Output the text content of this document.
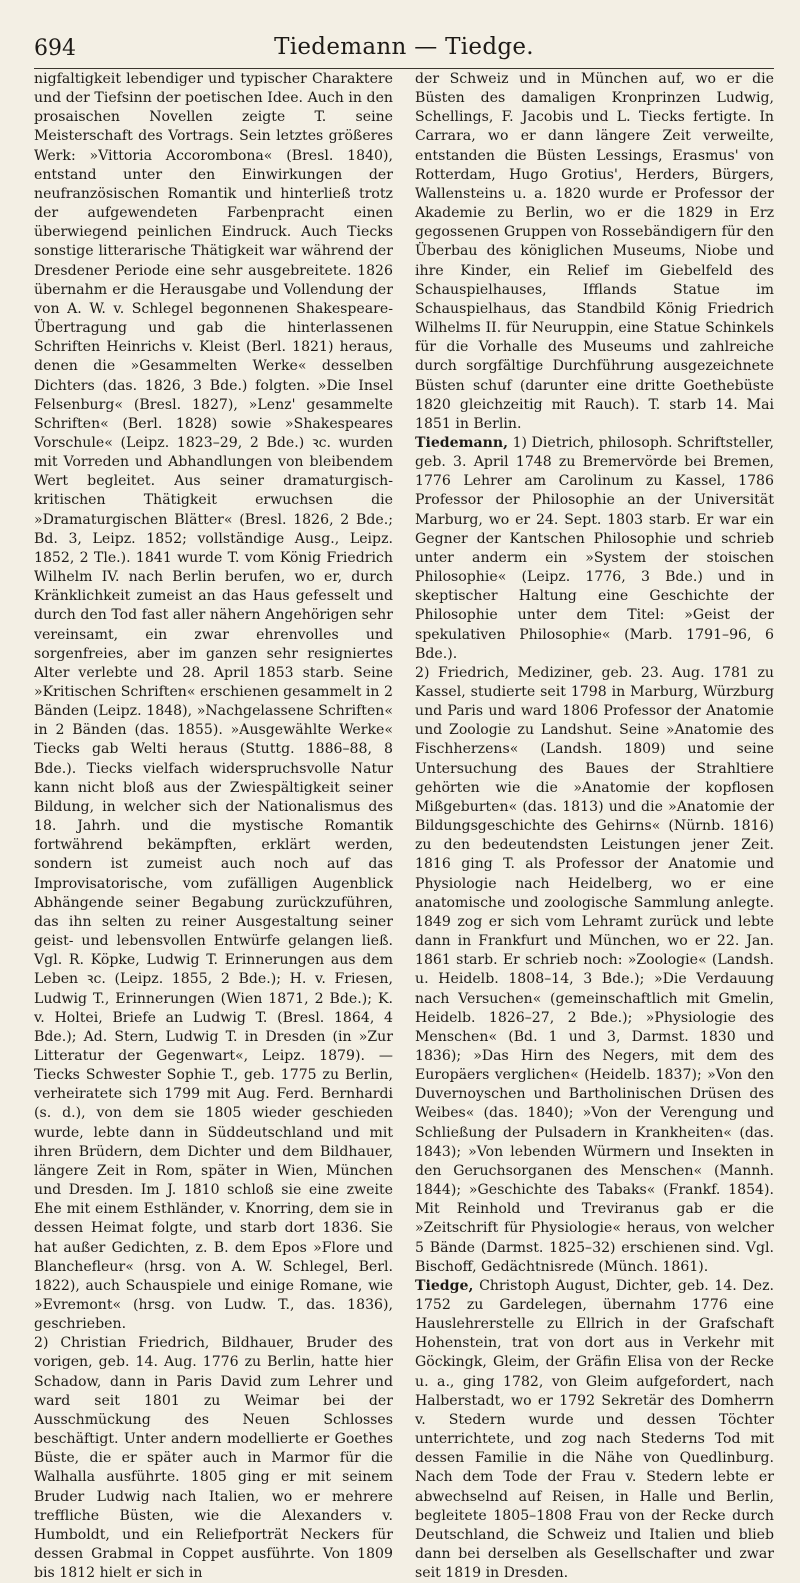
694	Tiedemann — Tiedge.

nigfaltigkeit lebendiger und typischer Charaktere und der Tiefsinn der poetischen Idee. Auch in den prosaischen Novellen zeigte T. seine Meisterschaft des Vortrags. Sein letztes größeres Werk: »Vittoria Accorombona« (Bresl. 1840), entstand unter den Einwirkungen der neufranzösischen Romantik und hinterließ trotz der aufgewendeten Farbenpracht einen überwiegend peinlichen Eindruck. Auch Tiecks sonstige litterarische Thätigkeit war während der Dresdener Periode eine sehr ausgebreitete. 1826 übernahm er die Herausgabe und Vollendung der von A. W. v. Schlegel begonnenen Shakespeare-Übertragung und gab die hinterlassenen Schriften Heinrichs v. Kleist (Berl. 1821) heraus, denen die »Gesammelten Werke« desselben Dichters (das. 1826, 3 Bde.) folgten. »Die Insel Felsenburg« (Bresl. 1827), »Lenz' gesammelte Schriften« (Berl. 1828) sowie »Shakespeares Vorschule« (Leipz. 1823–29, 2 Bde.) ꝛc. wurden mit Vorreden und Abhandlungen von bleibendem Wert begleitet. Aus seiner dramaturgisch-kritischen Thätigkeit erwuchsen die »Dramaturgischen Blätter« (Bresl. 1826, 2 Bde.; Bd. 3, Leipz. 1852; vollständige Ausg., Leipz. 1852, 2 Tle.). 1841 wurde T. vom König Friedrich Wilhelm IV. nach Berlin berufen, wo er, durch Kränklichkeit zumeist an das Haus gefesselt und durch den Tod fast aller nähern Angehörigen sehr vereinsamt, ein zwar ehrenvolles und sorgenfreies, aber im ganzen sehr resigniertes Alter verlebte und 28. April 1853 starb. Seine »Kritischen Schriften« erschienen gesammelt in 2 Bänden (Leipz. 1848), »Nachgelassene Schriften« in 2 Bänden (das. 1855). »Ausgewählte Werke« Tiecks gab Welti heraus (Stuttg. 1886–88, 8 Bde.). Tiecks vielfach widerspruchsvolle Natur kann nicht bloß aus der Zwiespältigkeit seiner Bildung, in welcher sich der Nationalismus des 18. Jahrh. und die mystische Romantik fortwährend bekämpften, erklärt werden, sondern ist zumeist auch noch auf das Improvisatorische, vom zufälligen Augenblick Abhängende seiner Begabung zurückzuführen, das ihn selten zu reiner Ausgestaltung seiner geist- und lebensvollen Entwürfe gelangen ließ. Vgl. R. Köpke, Ludwig T. Erinnerungen aus dem Leben ꝛc. (Leipz. 1855, 2 Bde.); H. v. Friesen, Ludwig T., Erinnerungen (Wien 1871, 2 Bde.); K. v. Holtei, Briefe an Ludwig T. (Bresl. 1864, 4 Bde.); Ad. Stern, Ludwig T. in Dresden (in »Zur Litteratur der Gegenwart«, Leipz. 1879). — Tiecks Schwester Sophie T., geb. 1775 zu Berlin, verheiratete sich 1799 mit Aug. Ferd. Bernhardi (s. d.), von dem sie 1805 wieder geschieden wurde, lebte dann in Süddeutschland und mit ihren Brüdern, dem Dichter und dem Bildhauer, längere Zeit in Rom, später in Wien, München und Dresden. Im J. 1810 schloß sie eine zweite Ehe mit einem Esthländer, v. Knorring, dem sie in dessen Heimat folgte, und starb dort 1836. Sie hat außer Gedichten, z. B. dem Epos »Flore und Blanchefleur« (hrsg. von A. W. Schlegel, Berl. 1822), auch Schauspiele und einige Romane, wie »Evremont« (hrsg. von Ludw. T., das. 1836), geschrieben.

2) Christian Friedrich, Bildhauer, Bruder des vorigen, geb. 14. Aug. 1776 zu Berlin, hatte hier Schadow, dann in Paris David zum Lehrer und ward seit 1801 zu Weimar bei der Ausschmückung des Neuen Schlosses beschäftigt. Unter andern modellierte er Goethes Büste, die er später auch in Marmor für die Walhalla ausführte. 1805 ging er mit seinem Bruder Ludwig nach Italien, wo er mehrere treffliche Büsten, wie die Alexanders v. Humboldt, und ein Reliefporträt Neckers für dessen Grabmal in Coppet ausführte. Von 1809 bis 1812 hielt er sich in

der Schweiz und in München auf, wo er die Büsten des damaligen Kronprinzen Ludwig, Schellings, F. Jacobis und L. Tiecks fertigte. In Carrara, wo er dann längere Zeit verweilte, entstanden die Büsten Lessings, Erasmus' von Rotterdam, Hugo Grotius', Herders, Bürgers, Wallensteins u. a. 1820 wurde er Professor der Akademie zu Berlin, wo er die 1829 in Erz gegossenen Gruppen von Rossebändigern für den Überbau des königlichen Museums, Niobe und ihre Kinder, ein Relief im Giebelfeld des Schauspielhauses, Ifflands Statue im Schauspielhaus, das Standbild König Friedrich Wilhelms II. für Neuruppin, eine Statue Schinkels für die Vorhalle des Museums und zahlreiche durch sorgfältige Durchführung ausgezeichnete Büsten schuf (darunter eine dritte Goethebüste 1820 gleichzeitig mit Rauch). T. starb 14. Mai 1851 in Berlin.

Tiedemann, 1) Dietrich, philosoph. Schriftsteller, geb. 3. April 1748 zu Bremervörde bei Bremen, 1776 Lehrer am Carolinum zu Kassel, 1786 Professor der Philosophie an der Universität Marburg, wo er 24. Sept. 1803 starb. Er war ein Gegner der Kantschen Philosophie und schrieb unter anderm ein »System der stoischen Philosophie« (Leipz. 1776, 3 Bde.) und in skeptischer Haltung eine Geschichte der Philosophie unter dem Titel: »Geist der spekulativen Philosophie« (Marb. 1791–96, 6 Bde.).

2) Friedrich, Mediziner, geb. 23. Aug. 1781 zu Kassel, studierte seit 1798 in Marburg, Würzburg und Paris und ward 1806 Professor der Anatomie und Zoologie zu Landshut. Seine »Anatomie des Fischherzens« (Landsh. 1809) und seine Untersuchung des Baues der Strahltiere gehörten wie die »Anatomie der kopflosen Mißgeburten« (das. 1813) und die »Anatomie der Bildungsgeschichte des Gehirns« (Nürnb. 1816) zu den bedeutendsten Leistungen jener Zeit. 1816 ging T. als Professor der Anatomie und Physiologie nach Heidelberg, wo er eine anatomische und zoologische Sammlung anlegte. 1849 zog er sich vom Lehramt zurück und lebte dann in Frankfurt und München, wo er 22. Jan. 1861 starb. Er schrieb noch: »Zoologie« (Landsh. u. Heidelb. 1808–14, 3 Bde.); »Die Verdauung nach Versuchen« (gemeinschaftlich mit Gmelin, Heidelb. 1826–27, 2 Bde.); »Physiologie des Menschen« (Bd. 1 und 3, Darmst. 1830 und 1836); »Das Hirn des Negers, mit dem des Europäers verglichen« (Heidelb. 1837); »Von den Duvernoyschen und Bartholinischen Drüsen des Weibes« (das. 1840); »Von der Verengung und Schließung der Pulsadern in Krankheiten« (das. 1843); »Von lebenden Würmern und Insekten in den Geruchsorganen des Menschen« (Mannh. 1844); »Geschichte des Tabaks« (Frankf. 1854). Mit Reinhold und Treviranus gab er die »Zeitschrift für Physiologie« heraus, von welcher 5 Bände (Darmst. 1825–32) erschienen sind. Vgl. Bischoff, Gedächtnisrede (Münch. 1861).

Tiedge, Christoph August, Dichter, geb. 14. Dez. 1752 zu Gardelegen, übernahm 1776 eine Hauslehrerstelle zu Ellrich in der Grafschaft Hohenstein, trat von dort aus in Verkehr mit Göckingk, Gleim, der Gräfin Elisa von der Recke u. a., ging 1782, von Gleim aufgefordert, nach Halberstadt, wo er 1792 Sekretär des Domherrn v. Stedern wurde und dessen Töchter unterrichtete, und zog nach Stederns Tod mit dessen Familie in die Nähe von Quedlinburg. Nach dem Tode der Frau v. Stedern lebte er abwechselnd auf Reisen, in Halle und Berlin, begleitete 1805–1808 Frau von der Recke durch Deutschland, die Schweiz und Italien und blieb dann bei derselben als Gesellschafter und zwar seit 1819 in Dresden.
